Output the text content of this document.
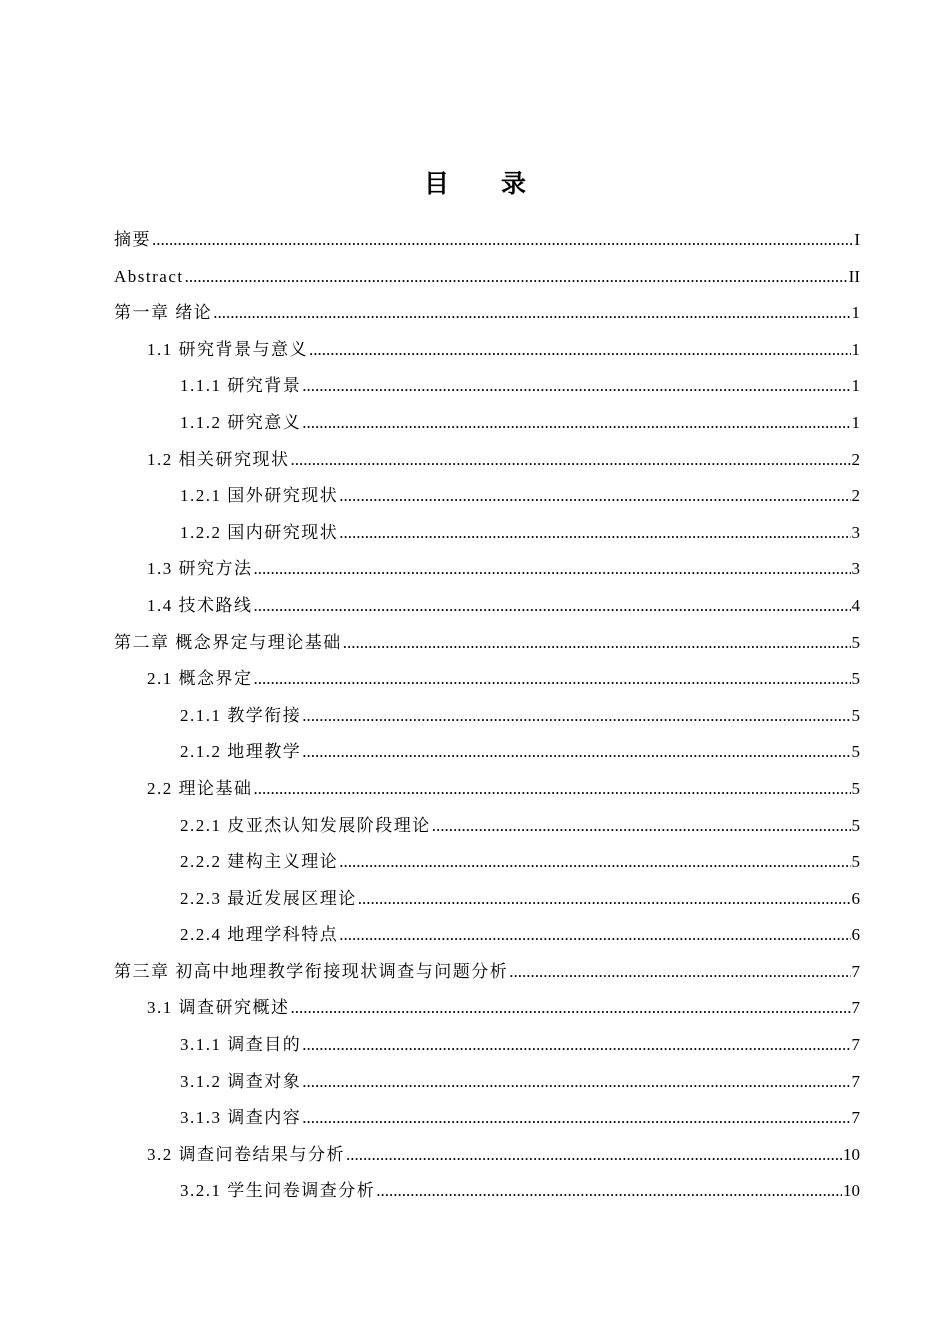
目 录
摘要 .....	I
Abstract .....	II
第一章 绪论 .....	1
1.1 研究背景与意义 .....	1
1.1.1 研究背景 .....	1
1.1.2 研究意义 .....	1
1.2 相关研究现状 .....	2
1.2.1 国外研究现状 .....	2
1.2.2 国内研究现状 .....	3
1.3 研究方法 .....	3
1.4 技术路线 .....	4
第二章 概念界定与理论基础 .....	5
2.1 概念界定 .....	5
2.1.1 教学衔接 .....	5
2.1.2 地理教学 .....	5
2.2 理论基础 .....	5
2.2.1 皮亚杰认知发展阶段理论 .....	5
2.2.2 建构主义理论 .....	5
2.2.3 最近发展区理论 .....	6
2.2.4 地理学科特点 .....	6
第三章 初高中地理教学衔接现状调查与问题分析 .....	7
3.1 调查研究概述 .....	7
3.1.1 调查目的 .....	7
3.1.2 调查对象 .....	7
3.1.3 调查内容 .....	7
3.2 调查问卷结果与分析 .....	10
3.2.1 学生问卷调查分析 .....	10
